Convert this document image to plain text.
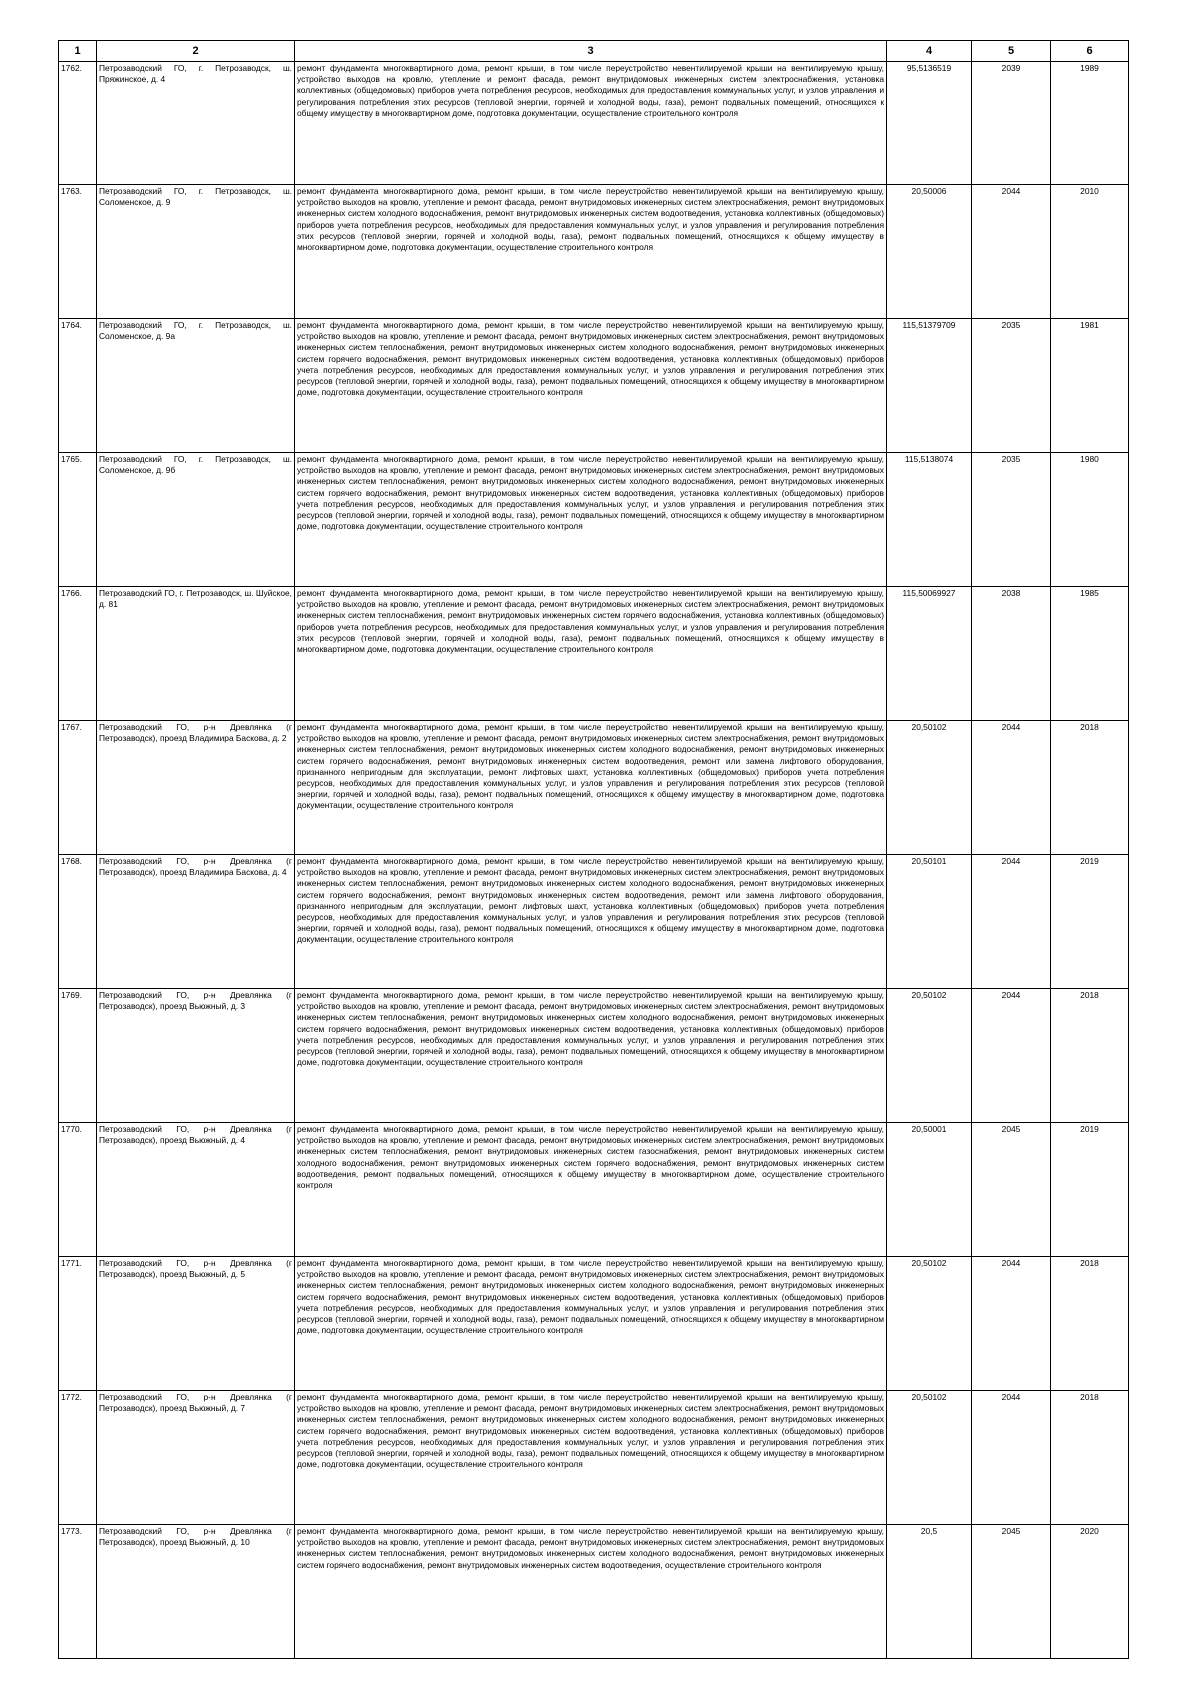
1	2	3	4	5	6
1762.	Петрозаводский ГО, г. Петрозаводск, ш. Пряжинское, д. 4	ремонт фундамента многоквартирного дома, ремонт крыши, в том числе переустройство невентилируемой крыши на вентилируемую крышу, устройство выходов на кровлю, утепление и ремонт фасада, ремонт внутридомовых инженерных систем электроснабжения, установка коллективных (общедомовых) приборов учета потребления ресурсов, необходимых для предоставления коммунальных услуг, и узлов управления и регулирования потребления этих ресурсов (тепловой энергии, горячей и холодной воды, газа), ремонт подвальных помещений, относящихся к общему имуществу в многоквартирном доме, подготовка документации, осуществление строительного контроля	95,5136519	2039	1989
1763.	Петрозаводский ГО, г. Петрозаводск, ш. Соломенское, д. 9	ремонт фундамента многоквартирного дома, ремонт крыши, в том числе переустройство невентилируемой крыши на вентилируемую крышу, устройство выходов на кровлю, утепление и ремонт фасада, ремонт внутридомовых инженерных систем электроснабжения, ремонт внутридомовых инженерных систем холодного водоснабжения, ремонт внутридомовых инженерных систем водоотведения, установка коллективных (общедомовых) приборов учета потребления ресурсов, необходимых для предоставления коммунальных услуг, и узлов управления и регулирования потребления этих ресурсов (тепловой энергии, горячей и холодной воды, газа), ремонт подвальных помещений, относящихся к общему имуществу в многоквартирном доме, подготовка документации, осуществление строительного контроля	20,50006	2044	2010
1764.	Петрозаводский ГО, г. Петрозаводск, ш. Соломенское, д. 9а	ремонт фундамента многоквартирного дома, ремонт крыши, в том числе переустройство невентилируемой крыши на вентилируемую крышу, устройство выходов на кровлю, утепление и ремонт фасада, ремонт внутридомовых инженерных систем электроснабжения, ремонт внутридомовых инженерных систем теплоснабжения, ремонт внутридомовых инженерных систем холодного водоснабжения, ремонт внутридомовых инженерных систем горячего водоснабжения, ремонт внутридомовых инженерных систем водоотведения, установка коллективных (общедомовых) приборов учета потребления ресурсов, необходимых для предоставления коммунальных услуг, и узлов управления и регулирования потребления этих ресурсов (тепловой энергии, горячей и холодной воды, газа), ремонт подвальных помещений, относящихся к общему имуществу в многоквартирном доме, подготовка документации, осуществление строительного контроля	115,51379709	2035	1981
1765.	Петрозаводский ГО, г. Петрозаводск, ш. Соломенское, д. 9б	ремонт фундамента многоквартирного дома, ремонт крыши, в том числе переустройство невентилируемой крыши на вентилируемую крышу, устройство выходов на кровлю, утепление и ремонт фасада, ремонт внутридомовых инженерных систем электроснабжения, ремонт внутридомовых инженерных систем теплоснабжения, ремонт внутридомовых инженерных систем холодного водоснабжения, ремонт внутридомовых инженерных систем горячего водоснабжения, ремонт внутридомовых инженерных систем водоотведения, установка коллективных (общедомовых) приборов учета потребления ресурсов, необходимых для предоставления коммунальных услуг, и узлов управления и регулирования потребления этих ресурсов (тепловой энергии, горячей и холодной воды, газа), ремонт подвальных помещений, относящихся к общему имуществу в многоквартирном доме, подготовка документации, осуществление строительного контроля	115,5138074	2035	1980
1766.	Петрозаводский ГО, г. Петрозаводск, ш. Шуйское, д. 81	ремонт фундамента многоквартирного дома, ремонт крыши, в том числе переустройство невентилируемой крыши на вентилируемую крышу, устройство выходов на кровлю, утепление и ремонт фасада, ремонт внутридомовых инженерных систем электроснабжения, ремонт внутридомовых инженерных систем теплоснабжения, ремонт внутридомовых инженерных систем горячего водоснабжения, установка коллективных (общедомовых) приборов учета потребления ресурсов, необходимых для предоставления коммунальных услуг, и узлов управления и регулирования потребления этих ресурсов (тепловой энергии, горячей и холодной воды, газа), ремонт подвальных помещений, относящихся к общему имуществу в многоквартирном доме, подготовка документации, осуществление строительного контроля	115,50069927	2038	1985
1767.	Петрозаводский ГО, р-н Древлянка (г Петрозаводск), проезд Владимира Баскова, д. 2	ремонт фундамента многоквартирного дома, ремонт крыши, в том числе переустройство невентилируемой крыши на вентилируемую крышу, устройство выходов на кровлю, утепление и ремонт фасада, ремонт внутридомовых инженерных систем электроснабжения, ремонт внутридомовых инженерных систем теплоснабжения, ремонт внутридомовых инженерных систем холодного водоснабжения, ремонт внутридомовых инженерных систем горячего водоснабжения, ремонт внутридомовых инженерных систем водоотведения, ремонт или замена лифтового оборудования, признанного непригодным для эксплуатации, ремонт лифтовых шахт, установка коллективных (общедомовых) приборов учета потребления ресурсов, необходимых для предоставления коммунальных услуг, и узлов управления и регулирования потребления этих ресурсов (тепловой энергии, горячей и холодной воды, газа), ремонт подвальных помещений, относящихся к общему имуществу в многоквартирном доме, подготовка документации, осуществление строительного контроля	20,50102	2044	2018
1768.	Петрозаводский ГО, р-н Древлянка (г Петрозаводск), проезд Владимира Баскова, д. 4	ремонт фундамента многоквартирного дома, ремонт крыши, в том числе переустройство невентилируемой крыши на вентилируемую крышу, устройство выходов на кровлю, утепление и ремонт фасада, ремонт внутридомовых инженерных систем электроснабжения, ремонт внутридомовых инженерных систем теплоснабжения, ремонт внутридомовых инженерных систем холодного водоснабжения, ремонт внутридомовых инженерных систем горячего водоснабжения, ремонт внутридомовых инженерных систем водоотведения, ремонт или замена лифтового оборудования, признанного непригодным для эксплуатации, ремонт лифтовых шахт, установка коллективных (общедомовых) приборов учета потребления ресурсов, необходимых для предоставления коммунальных услуг, и узлов управления и регулирования потребления этих ресурсов (тепловой энергии, горячей и холодной воды, газа), ремонт подвальных помещений, относящихся к общему имуществу в многоквартирном доме, подготовка документации, осуществление строительного контроля	20,50101	2044	2019
1769.	Петрозаводский ГО, р-н Древлянка (г Петрозаводск), проезд Вьюжный, д. 3	ремонт фундамента многоквартирного дома, ремонт крыши, в том числе переустройство невентилируемой крыши на вентилируемую крышу, устройство выходов на кровлю, утепление и ремонт фасада, ремонт внутридомовых инженерных систем электроснабжения, ремонт внутридомовых инженерных систем теплоснабжения, ремонт внутридомовых инженерных систем холодного водоснабжения, ремонт внутридомовых инженерных систем горячего водоснабжения, ремонт внутридомовых инженерных систем водоотведения, установка коллективных (общедомовых) приборов учета потребления ресурсов, необходимых для предоставления коммунальных услуг, и узлов управления и регулирования потребления этих ресурсов (тепловой энергии, горячей и холодной воды, газа), ремонт подвальных помещений, относящихся к общему имуществу в многоквартирном доме, подготовка документации, осуществление строительного контроля	20,50102	2044	2018
1770.	Петрозаводский ГО, р-н Древлянка (г Петрозаводск), проезд Вьюжный, д. 4	ремонт фундамента многоквартирного дома, ремонт крыши, в том числе переустройство невентилируемой крыши на вентилируемую крышу, устройство выходов на кровлю, утепление и ремонт фасада, ремонт внутридомовых инженерных систем электроснабжения, ремонт внутридомовых инженерных систем теплоснабжения, ремонт внутридомовых инженерных систем газоснабжения, ремонт внутридомовых инженерных систем холодного водоснабжения, ремонт внутридомовых инженерных систем горячего водоснабжения, ремонт внутридомовых инженерных систем водоотведения, ремонт подвальных помещений, относящихся к общему имуществу в многоквартирном доме, осуществление строительного контроля	20,50001	2045	2019
1771.	Петрозаводский ГО, р-н Древлянка (г Петрозаводск), проезд Вьюжный, д. 5	ремонт фундамента многоквартирного дома, ремонт крыши, в том числе переустройство невентилируемой крыши на вентилируемую крышу, устройство выходов на кровлю, утепление и ремонт фасада, ремонт внутридомовых инженерных систем электроснабжения, ремонт внутридомовых инженерных систем теплоснабжения, ремонт внутридомовых инженерных систем холодного водоснабжения, ремонт внутридомовых инженерных систем горячего водоснабжения, ремонт внутридомовых инженерных систем водоотведения, установка коллективных (общедомовых) приборов учета потребления ресурсов, необходимых для предоставления коммунальных услуг, и узлов управления и регулирования потребления этих ресурсов (тепловой энергии, горячей и холодной воды, газа), ремонт подвальных помещений, относящихся к общему имуществу в многоквартирном доме, подготовка документации, осуществление строительного контроля	20,50102	2044	2018
1772.	Петрозаводский ГО, р-н Древлянка (г Петрозаводск), проезд Вьюжный, д. 7	ремонт фундамента многоквартирного дома, ремонт крыши, в том числе переустройство невентилируемой крыши на вентилируемую крышу, устройство выходов на кровлю, утепление и ремонт фасада, ремонт внутридомовых инженерных систем электроснабжения, ремонт внутридомовых инженерных систем теплоснабжения, ремонт внутридомовых инженерных систем холодного водоснабжения, ремонт внутридомовых инженерных систем горячего водоснабжения, ремонт внутридомовых инженерных систем водоотведения, установка коллективных (общедомовых) приборов учета потребления ресурсов, необходимых для предоставления коммунальных услуг, и узлов управления и регулирования потребления этих ресурсов (тепловой энергии, горячей и холодной воды, газа), ремонт подвальных помещений, относящихся к общему имуществу в многоквартирном доме, подготовка документации, осуществление строительного контроля	20,50102	2044	2018
1773.	Петрозаводский ГО, р-н Древлянка (г Петрозаводск), проезд Вьюжный, д. 10	ремонт фундамента многоквартирного дома, ремонт крыши, в том числе переустройство невентилируемой крыши на вентилируемую крышу, устройство выходов на кровлю, утепление и ремонт фасада, ремонт внутридомовых инженерных систем электроснабжения, ремонт внутридомовых инженерных систем теплоснабжения, ремонт внутридомовых инженерных систем холодного водоснабжения, ремонт внутридомовых инженерных систем горячего водоснабжения, ремонт внутридомовых инженерных систем водоотведения, осуществление строительного контроля	20,5	2045	2020
